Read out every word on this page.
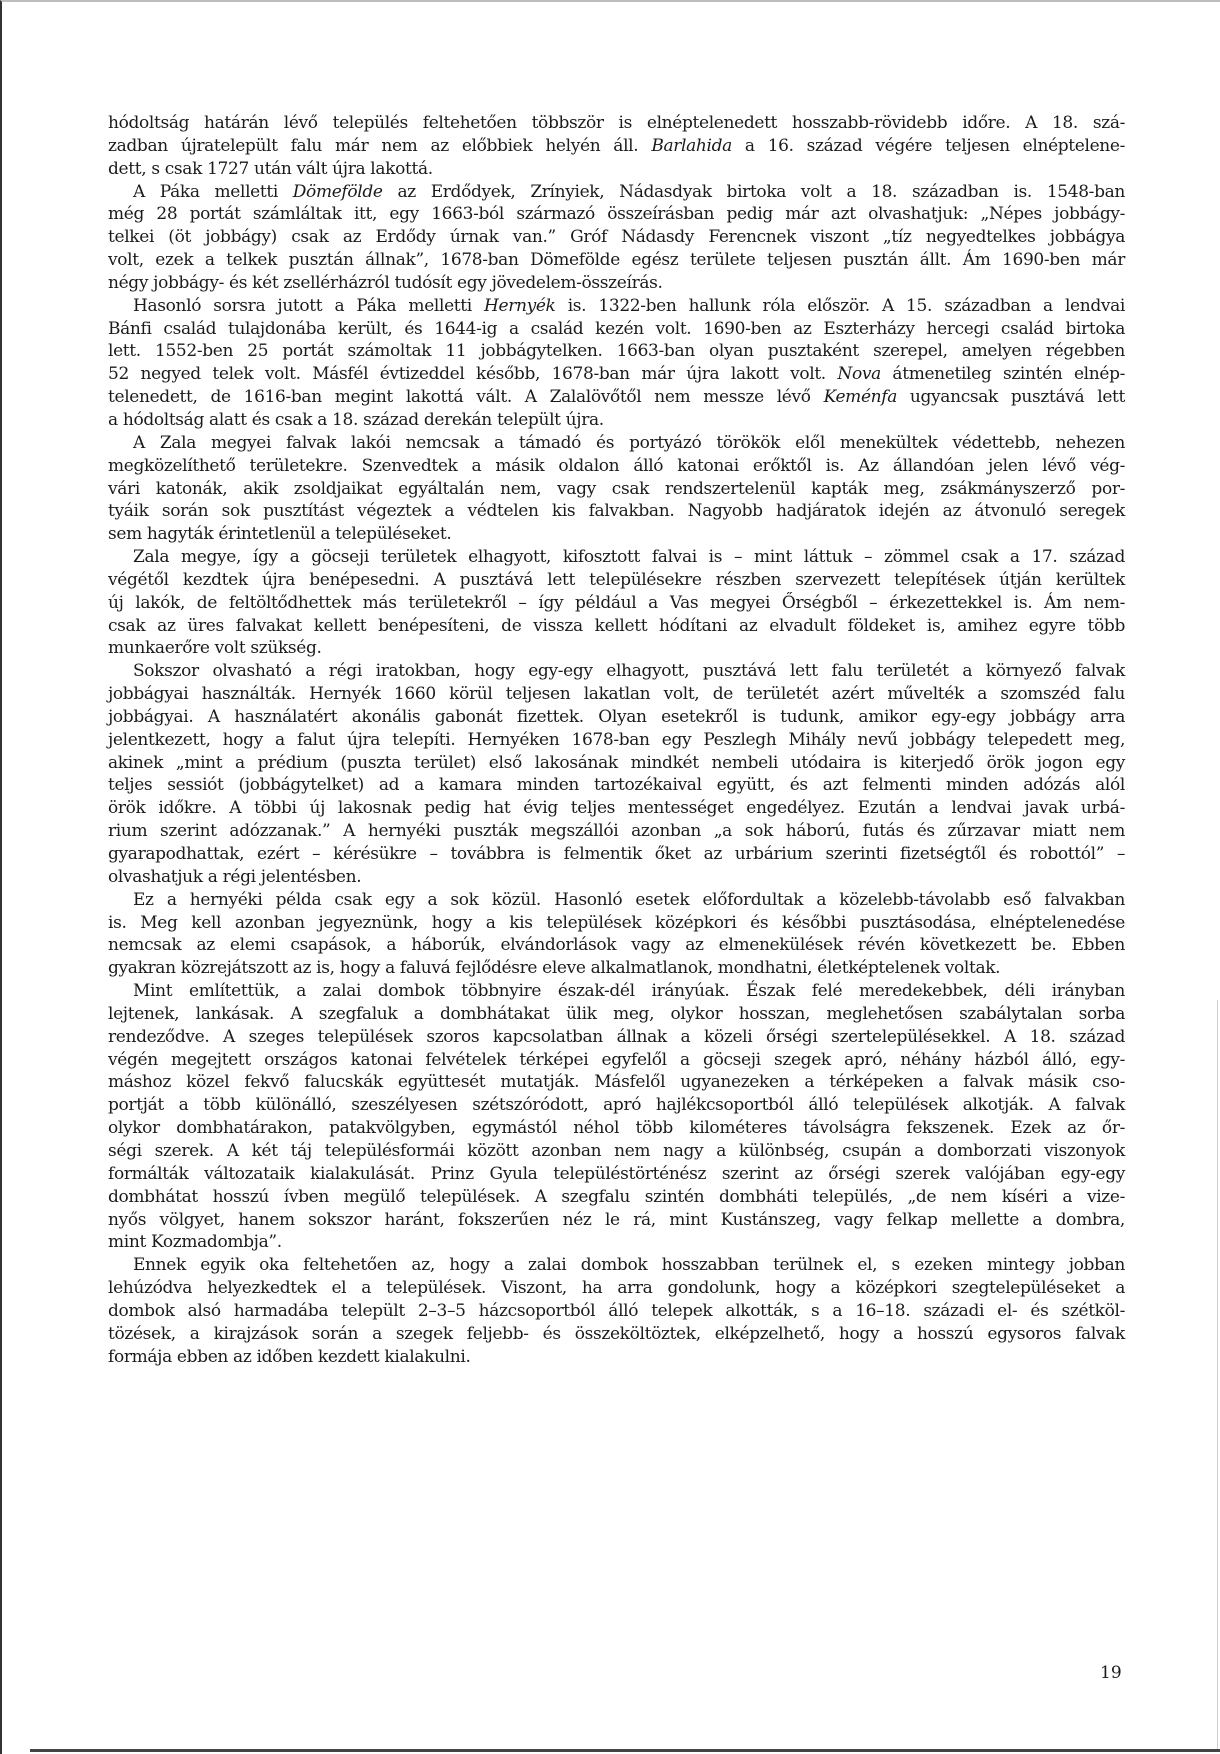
hódoltság határán lévő település feltehetően többször is elnéptelenedett hosszabb-rövidebb időre. A 18. szá-
zadban újratelepült falu már nem az előbbiek helyén áll. Barlahida a 16. század végére teljesen elnéptelene-
dett, s csak 1727 után vált újra lakottá.
A Páka melletti Dömefölde az Erdődyek, Zrínyiek, Nádasdyak birtoka volt a 18. században is. 1548-ban
még 28 portát számláltak itt, egy 1663-ból származó összeírásban pedig már azt olvashatjuk: „Népes jobbágy-
telkei (öt jobbágy) csak az Erdődy úrnak van.” Gróf Nádasdy Ferencnek viszont „tíz negyedtelkes jobbágya
volt, ezek a telkek pusztán állnak”, 1678-ban Dömefölde egész területe teljesen pusztán állt. Ám 1690-ben már
négy jobbágy- és két zsellérházról tudósít egy jövedelem-összeírás.
Hasonló sorsra jutott a Páka melletti Hernyék is. 1322-ben hallunk róla először. A 15. században a lendvai
Bánfi család tulajdonába került, és 1644-ig a család kezén volt. 1690-ben az Eszterházy hercegi család birtoka
lett. 1552-ben 25 portát számoltak 11 jobbágytelken. 1663-ban olyan pusztaként szerepel, amelyen régebben
52 negyed telek volt. Másfél évtizeddel később, 1678-ban már újra lakott volt. Nova átmenetileg szintén elnép-
telenedett, de 1616-ban megint lakottá vált. A Zalalövőtől nem messze lévő Keménfa ugyancsak pusztává lett
a hódoltság alatt és csak a 18. század derekán települt újra.
A Zala megyei falvak lakói nemcsak a támadó és portyázó törökök elől menekültek védettebb, nehezen
megközelíthető területekre. Szenvedtek a másik oldalon álló katonai erőktől is. Az állandóan jelen lévő vég-
vári katonák, akik zsoldjaikat egyáltalán nem, vagy csak rendszertelenül kapták meg, zsákmányszerző por-
tyáik során sok pusztítást végeztek a védtelen kis falvakban. Nagyobb hadjáratok idején az átvonuló seregek
sem hagyták érintetlenül a településeket.
Zala megye, így a göcseji területek elhagyott, kifosztott falvai is – mint láttuk – zömmel csak a 17. század
végétől kezdtek újra benépesedni. A pusztává lett településekre részben szervezett telepítések útján kerültek
új lakók, de feltöltődhettek más területekről – így például a Vas megyei Őrségből – érkezettekkel is. Ám nem-
csak az üres falvakat kellett benépesíteni, de vissza kellett hódítani az elvadult földeket is, amihez egyre több
munkaerőre volt szükség.
Sokszor olvasható a régi iratokban, hogy egy-egy elhagyott, pusztává lett falu területét a környező falvak
jobbágyai használták. Hernyék 1660 körül teljesen lakatlan volt, de területét azért művelték a szomszéd falu
jobbágyai. A használatért akonális gabonát fizettek. Olyan esetekről is tudunk, amikor egy-egy jobbágy arra
jelentkezett, hogy a falut újra telepíti. Hernyéken 1678-ban egy Peszlegh Mihály nevű jobbágy telepedett meg,
akinek „mint a prédium (puszta terület) első lakosának mindkét nembeli utódaira is kiterjedő örök jogon egy
teljes sessiót (jobbágytelket) ad a kamara minden tartozékaival együtt, és azt felmenti minden adózás alól
örök időkre. A többi új lakosnak pedig hat évig teljes mentességet engedélyez. Ezután a lendvai javak urbá-
rium szerint adózzanak.” A hernyéki puszták megszállói azonban „a sok háború, futás és zűrzavar miatt nem
gyarapodhattak, ezért – kérésükre – továbbra is felmentik őket az urbárium szerinti fizetségtől és robottól” –
olvashatjuk a régi jelentésben.
Ez a hernyéki példa csak egy a sok közül. Hasonló esetek előfordultak a közelebb-távolabb eső falvakban
is. Meg kell azonban jegyeznünk, hogy a kis települések középkori és későbbi pusztásodása, elnéptelenedése
nemcsak az elemi csapások, a háborúk, elvándorlások vagy az elmenekülések révén következett be. Ebben
gyakran közrejátszott az is, hogy a faluvá fejlődésre eleve alkalmatlanok, mondhatni, életképtelenek voltak.
Mint említettük, a zalai dombok többnyire észak-dél irányúak. Észak felé meredekebbek, déli irányban
lejtenek, lankásak. A szegfaluk a dombhátakat ülik meg, olykor hosszan, meglehetősen szabálytalan sorba
rendeződve. A szeges települések szoros kapcsolatban állnak a közeli őrségi szertelepülésekkel. A 18. század
végén megejtett országos katonai felvételek térképei egyfelől a göcseji szegek apró, néhány házból álló, egy-
máshoz közel fekvő falucskák együttesét mutatják. Másfelől ugyanezeken a térképeken a falvak másik cso-
portját a több különálló, szeszélyesen szétszóródott, apró hajlékcsoportból álló települések alkotják. A falvak
olykor dombhatárakon, patakvölgyben, egymástól néhol több kilométeres távolságra fekszenek. Ezek az őr-
ségi szerek. A két táj településformái között azonban nem nagy a különbség, csupán a domborzati viszonyok
formálták változataik kialakulását. Prinz Gyula településtörténész szerint az őrségi szerek valójában egy-egy
dombhátat hosszú ívben megülő települések. A szegfalu szintén dombháti település, „de nem kíséri a vize-
nyős völgyet, hanem sokszor haránt, fokszerűen néz le rá, mint Kustánszeg, vagy felkap mellette a dombra,
mint Kozmadombja”.
Ennek egyik oka feltehetően az, hogy a zalai dombok hosszabban terülnek el, s ezeken mintegy jobban
lehúzódva helyezkedtek el a települések. Viszont, ha arra gondolunk, hogy a középkori szegtelepüléseket a
dombok alsó harmadába települt 2–3–5 házcsoportból álló telepek alkották, s a 16–18. századi el- és szétköl-
tözések, a kirajzások során a szegek feljebb- és összeköltöztek, elképzelhető, hogy a hosszú egysoros falvak
formája ebben az időben kezdett kialakulni.
19
